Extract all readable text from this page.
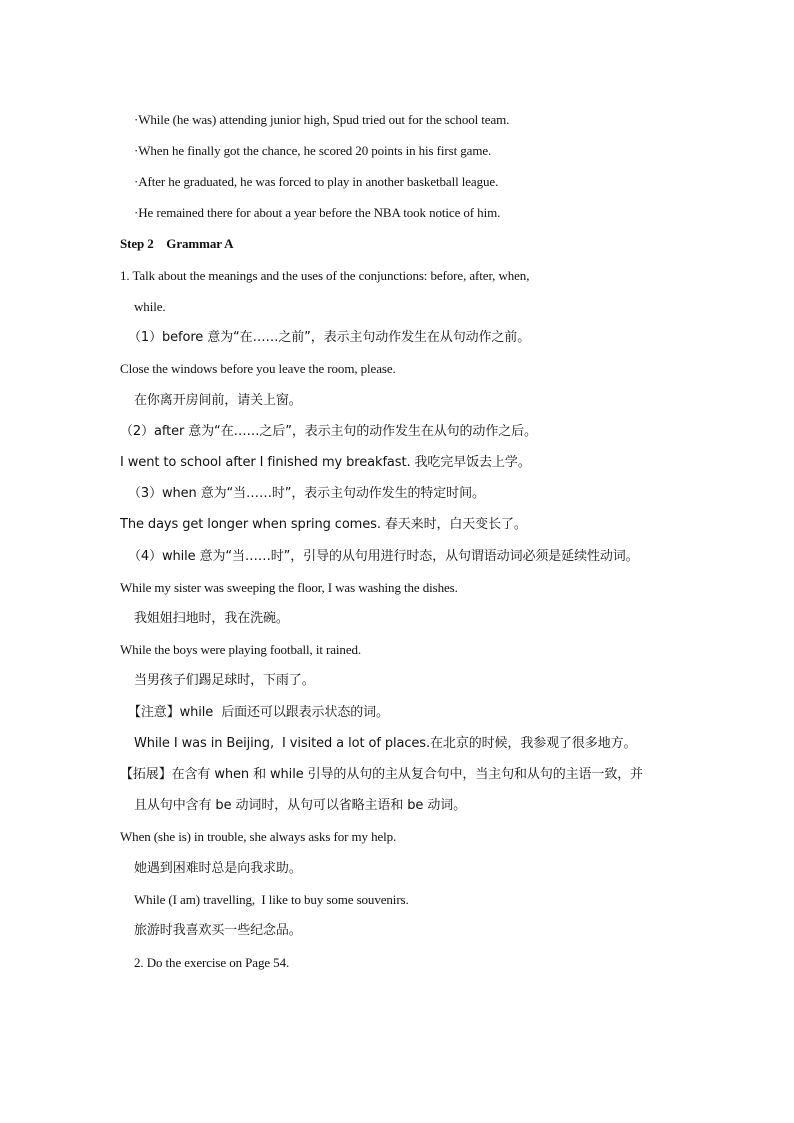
·While (he was) attending junior high, Spud tried out for the school team.
·When he finally got the chance, he scored 20 points in his first game.
·After he graduated, he was forced to play in another basketball league.
·He remained there for about a year before the NBA took notice of him.
Step 2    Grammar A
1. Talk about the meanings and the uses of the conjunctions: before, after, when,
while.
（1）before 意为“在……之前”，表示主句动作发生在从句动作之前。
Close the windows before you leave the room, please.
在你离开房间前，请关上窗。
（2）after 意为“在……之后”，表示主句的动作发生在从句的动作之后。
I went to school after I finished my breakfast. 我吃完早饭去上学。
（3）when 意为“当……时”，表示主句动作发生的特定时间。
The days get longer when spring comes. 春天来时，白天变长了。
（4）while 意为“当……时”，引导的从句用进行时态，从句谓语动词必须是延续性动词。
While my sister was sweeping the floor, I was washing the dishes.
我姐姐扫地时，我在洗碗。
While the boys were playing football, it rained.
当男孩子们踢足球时，下雨了。
【注意】while  后面还可以跟表示状态的词。
While I was in Beijing,  I visited a lot of places.在北京的时候，我参观了很多地方。
【拓展】在含有 when 和 while 引导的从句的主从复合句中，当主句和从句的主语一致，并
且从句中含有 be 动词时，从句可以省略主语和 be 动词。
When (she is) in trouble, she always asks for my help.
她遇到困难时总是向我求助。
While (I am) travelling,  I like to buy some souvenirs.
旅游时我喜欢买一些纪念品。
2. Do the exercise on Page 54.
